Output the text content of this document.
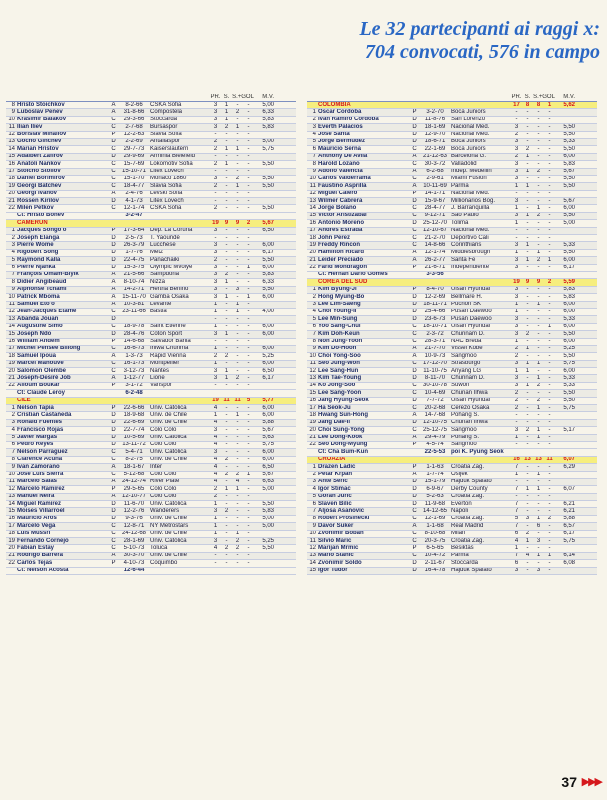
Le 32 partecipanti ai raggi x:
704 convocati, 576 in campo
PR. S. S.+GOL	M.V.
8 Hristo Stoichkov	A	8-2-66	CSKA Sofia	3	1	-	-	5,00
9 Luboslav Penev	A	31-8-66 Compostela	3	1	2	-	6,33
10 Krasimir Balakov	C	29-3-66 Stoccarda	3	1	-	-	5,83
11 Ilian Iliev	C	2-7-68	Bursaspor	3	2	1	-	5,83
12 Borislav Mihailov	P	12-2-63 Slavia Sofia	-	-	-	-
13 Gocho Ginchev	D	2-2-69	Antaliaspor	2	-	-	-	5,00
14 Marian Hristov	C	29-7-73 Kaiserslautern	2	1	1	-	5,75
15 Adalbert Zafirov	D	29-9-69 Arminia Bielefeld	-	-	-	-
16 Anatoli Nankov	C	15-7-69 Lokomotiv Sofia	2	1	-	-	5,50
17 Stoicho Stoilov	C	15-10-71 Litex Lovech	-	-	-	-
18 Daniel Borimirov	C	15-1-70 Monaco 1860	3	-	2	-	5,50
19 Georgi Batchev	C	18-4-77 Slavia Sofia	2	-	1	-	5,50
20 Georgi Ivanov	A	2-4-76	Levski Sofia	-	-	-	-
21 Rossen Kirilov	D	4-1-73	Litex Lovech	-	-	-	-
22 Milen Petkov	C	12-1-74 CSKA Sofia	2	-	-	-	5,50
Ct: Hristo Bonev	3-2-47
CAMERUN	19 9	9	2	5,67
1 Jacques Songo'o	P	17-3-64 Dep. La Coruña	3	-	-	-	6,50
2 Joseph Elanga	D	2-5-73	T. Yaoundé	-	-	-	-
3 Pierre Wome	D	26-3-79 Lucchese	3	-	-	-	6,00
4 Rigobert Song	D	1-7-76	Metz	3	-	-	-	6,17
5 Raymond Kalla	D	22-4-75 Panachaiki	2	-	-	-	5,50
6 Pierre Njanka	D	15-3-75 Olympic Mvolyé	3	-	-	1	6,00
7 François Omam-Biyik	A	21-5-66 Sampdoria	3	2	-	-	5,83
8 Didier Angibeaud	A	8-10-74 Nizza	3	1	-	-	6,33
9 Alphonse Tchami	A	14-2-71 Hertha Berlino	3	-	3	-	5,50
10 Patrick Mboma	A	15-11-70 Gamba Osaka	3	1	-	1	6,00
11 Samuel Eto'o	A	10-3-81 Levante	1	-	1	-
12 Jean-Jacques Etamé	C	23-11-66 Bastia	1	-	1	-	4,00
13 Abanda Jouan	D	-	-	-	-
14 Augustine Simo	C	18-9-78 Saint Etienne	1	-	-	-	6,00
15 Joseph Ndo	D	28-4-76 Coton Sport	3	1	-	-	6,00
16 William Andem	P	14-6-68 Salvador Bahia	-	-	-	-
17 Michel Pensée Billong	C	16-6-73 Ihlwa Chunma	1	-	-	-	6,00
18 Samuel Ipoua	A	1-3-73	Rapid Vienna	2	2	-	-	5,25
19 Marcel Mahouvé	C	16-1-73 Montpellier	1	-	-	-	6,00
20 Salomon Olembe	C	3-12-73 Nantes	3	1	-	-	6,50
21 Joseph-Desiré Job	A	1-12-77 Lione	3	1	2	-	6,17
22 Alioum Boukar	P	3-1-72	Vanspor	-	-	-	-
Ct: Claude Leroy	6-2-48
CILE	19 11 11	5	5,77
1 Nelson Tapia	P	22-6-66 Univ. Católica	4	-	-	-	6,00
2 Cristian Castañeda	D	18-9-68 Univ. de Chile	1	-	1	-	6,00
3 Ronald Fuentes	D	22-6-69 Univ. de Chile	4	-	-	-	5,88
4 Francisco Rojas	D	22-7-74 Colo Colo	3	-	-	-	5,67
5 Javier Margas	D	10-5-69 Univ. Católica	4	-	-	-	5,63
6 Pedro Reyes	D	13-11-72 Colo Colo	4	-	-	-	5,75
7 Nelson Parraguez	C	5-4-71	Univ. Católica	3	-	-	-	6,00
8 Clarence Acuña	C	8-2-75	Univ. de Chile	4	2	-	-	6,00
9 Ivan Zamorano	A	18-1-67 Inter	4	-	-	-	6,50
10 José Luis Sierra	C	5-12-68 Colo Colo	4	2	2	1	5,67
11 Marcelo Salas	A	24-12-74 River Plate	4	-	4	-	6,63
12 Marcelo Ramirez	P	29-5-65 Colo Colo	2	1	1	-	5,00
13 Manuel Neira	A	12-10-77 Colo Colo	2	-	-	-
14 Miguel Ramirez	D	11-6-70 Univ. Católica	1	-	-	-	5,50
15 Moises Villarroel	D	12-2-76 Wanderers	3	2	-	-	5,83
16 Mauricio Aros	D	9-3-76	Univ. de Chile	1	-	-	-	5,00
17 Marcelo Vega	C	12-8-71 NY Metrostars	1	-	-	-	5,00
18 Luis Mussri	C	24-12-68 Univ. de Chile	1	-	1	-
19 Fernando Cornejo	C	28-1-69 Univ. Católica	3	-	2	-	5,25
20 Fabian Estay	C	5-10-73 Toluca	4	2	2	-	5,50
21 Rodrigo Barrera	A	30-3-70 Univ. de Chile	-	-	-	-
22 Carlos Tejas	P	4-10-73 Coquimbo	-	-	-	-
Ct: Nelson Acosta	12-6-44
PR. S. S.+GOL	M.V.
COLOMBIA	17 8	8	1	5,62
1 Oscar Cordoba	P	3-2-70	Boca Juniors	-	-	-	-
2 Ivan Ramiro Cordoba	D	11-8-76 San Lorenzo	-	-	-	-
3 Everth Palacios	D	18-1-69 Nacional Med.	3	-	-	-	5,50
4 José Santa	D	12-9-70 Nacional Med.	2	-	-	-	5,50
5 Jorge Bermudez	D	18-6-71 Boca Juniors	3	-	-	-	5,33
6 Mauricio Serna	C	22-1-69 Boca Juniors	3	2	-	-	5,50
7 Anthony De Avila	A	21-12-63 Barcelona G.	2	1	-	-	6,00
8 Harold Lozano	C	30-3-72 Valladolid	3	-	-	-	5,83
9 Adolfo Valencia	A	6-2-68	Indep. Medellin	3	1	2	-	5,67
10 Carlos Valderrama	C	2-9-61	Miami Fusion	3	-	-	-	5,50
11 Faustino Asprilla	A	10-11-69 Parma	1	1	-	-	5,50
12 Miguel Calero	P	14-1-71 Nacional Med.	-	-	-	-
13 Wilmer Cabrera	D	15-9-67 Millionarios Bog.	3	-	-	-	5,67
14 Jorge Bolano	C	28-4-77 J. Barranquilla	1	-	1	-	6,00
15 Victor Aristizabal	C	9-12-71 São Paulo	3	1	2	-	5,50
16 Antonio Moreno	D	25-12-70 Tolima	1	-	-	-	5,00
17 Andrés Estrada	C	12-10-67 Nacional Med.	-	-	-	-
18 John Perez	C	21-2-70 Deportivo Cali	-	-	-	-
19 Freddy Rincon	C	14-8-66 Corinthians	3	1	-	-	5,33
20 Hamilton Ricard	A	12-1-74 Middlesbrough	1	-	1	-	5,50
21 Leider Preciado	A	26-2-77 Santa Fe	3	1	2	1	6,00
22 Farid Mondragon	P	21-6-71 Independiente	3	-	-	-	6,17
Ct: Hernan Dario Gomes	3-3-56
COREA DEL SUD	19 9	9	2	5,59
1 Kim Byung-Ji	P	8-4-70	Ulsan Hyundai	3	-	-	-	5,83
2 Hong Myung-Bo	D	12-2-69 Bellmare H.	3	-	-	-	5,83
3 Lee Lim-Saeng	D	18-11-71 Puchon SK	1	-	1	-	6,00
4 Choi Young-Il	D	25-4-66 Pusan Daewoo	1	-	-	-	6,00
5 Lee Min-Sung	D	23-6-73 Pusan Daewoo	3	-	-	-	5,33
6 Yoo Sang-Chul	C	18-10-71 Ulsan Hyundai	3	-	-	1	6,00
7 Kim Doh-Keun	C	2-3-72	Chunnam D.	3	2	-	-	5,50
8 Noh Jung-Yoon	C	28-3-71 NAC Breda	1	-	-	-	6,00
9 Kim Do-Hoon	A	21-7-70 Vissel Kobe	2	1	-	-	5,25
10 Choi Yong-Soo	A	10-9-73 Sangmoo	2	-	-	-	5,50
11 Seo Jung-Won	C	17-12-70 Strasburgo	3	1	1	-	5,75
12 Lee Sang-Hun	D	11-10-75 Anyang LG	1	1	-	-	6,00
13 Kim Tae-Young	D	8-11-70 Chunnam D.	3	-	1	-	5,33
14 Ko Jong-Soo	C	30-10-78 Suwon	3	1	2	-	5,33
15 Lee Sang-Yoon	C	10-4-69 Chunan Ilhwa	2	-	-	-	5,50
16 Jang Hyung-Seok	D	7-7-72	Ulsan Hyundai	2	-	2	-	5,50
17 Ha Seok-Ju	C	20-2-68 Cerezo Osaka	2	-	1	-	5,75
18 Hwang Sun-Hong	A	14-7-68 Pohang S.	-	-	-	-
19 Jang Dae-Il	D	12-10-75 Chunan Ilhwa	-	-	-	-
20 Choi Sung-Yong	C	25-12-75 Sangmoo	3	2	1	-	5,17
21 Lee Dong-Kook	A	29-4-79 Pohang S.	1	-	1	-
22 Seo Dong-Myung	P	4-5-74	Sangmoo	-	-	-	-
Ct: Cha Bum-Kun	22-5-53 poi K. Pyung Seok
CROAZIA	16 13 13 11	6,07
1 Drazen Ladic	P	1-1-63	Croatia Zag.	7	-	-	-	6,29
2 Petar Krpan	A	1-7-74	Osijek	1	-	1	-
3 Ante Seric	D	15-1-79 Hajduk Spalato	-	-	-	-
4 Igor Stimac	D	6-9-67	Derby County	7	1	1	-	6,07
5 Goran Juric	D	5-2-63	Croatia Zag.	-	-	-	-
6 Slaven Bilic	D	11-9-68 Everton	7	-	-	-	6,21
7 Aljosa Asanovic	C	14-12-65 Napoli	7	-	-	-	6,21
8 Robert Prosinecki	C	12-1-69 Croatia Zag.	5	3	1	2	5,88
9 Davor Suker	A	1-1-68	Real Madrid	7	-	6	-	6,57
10 Zvonimir Boban	C	8-10-68 Milan	6	2	-	-	6,17
11 Silvio Maric	C	20-3-75 Croatia Zag.	4	1	3	-	5,75
12 Marijan Mrmic	P	6-5-65	Besiktas	1	-	-	-
13 Mario Stanic	C	10-4-72 Parma	7	4	1	1	6,14
14 Zvonimir Soldo	D	2-11-67 Stoccarda	6	-	-	-	6,08
15 Igor Tudor	D	16-4-78 Hajduk Spalato	3	-	3	-
37 ▶▶▶
